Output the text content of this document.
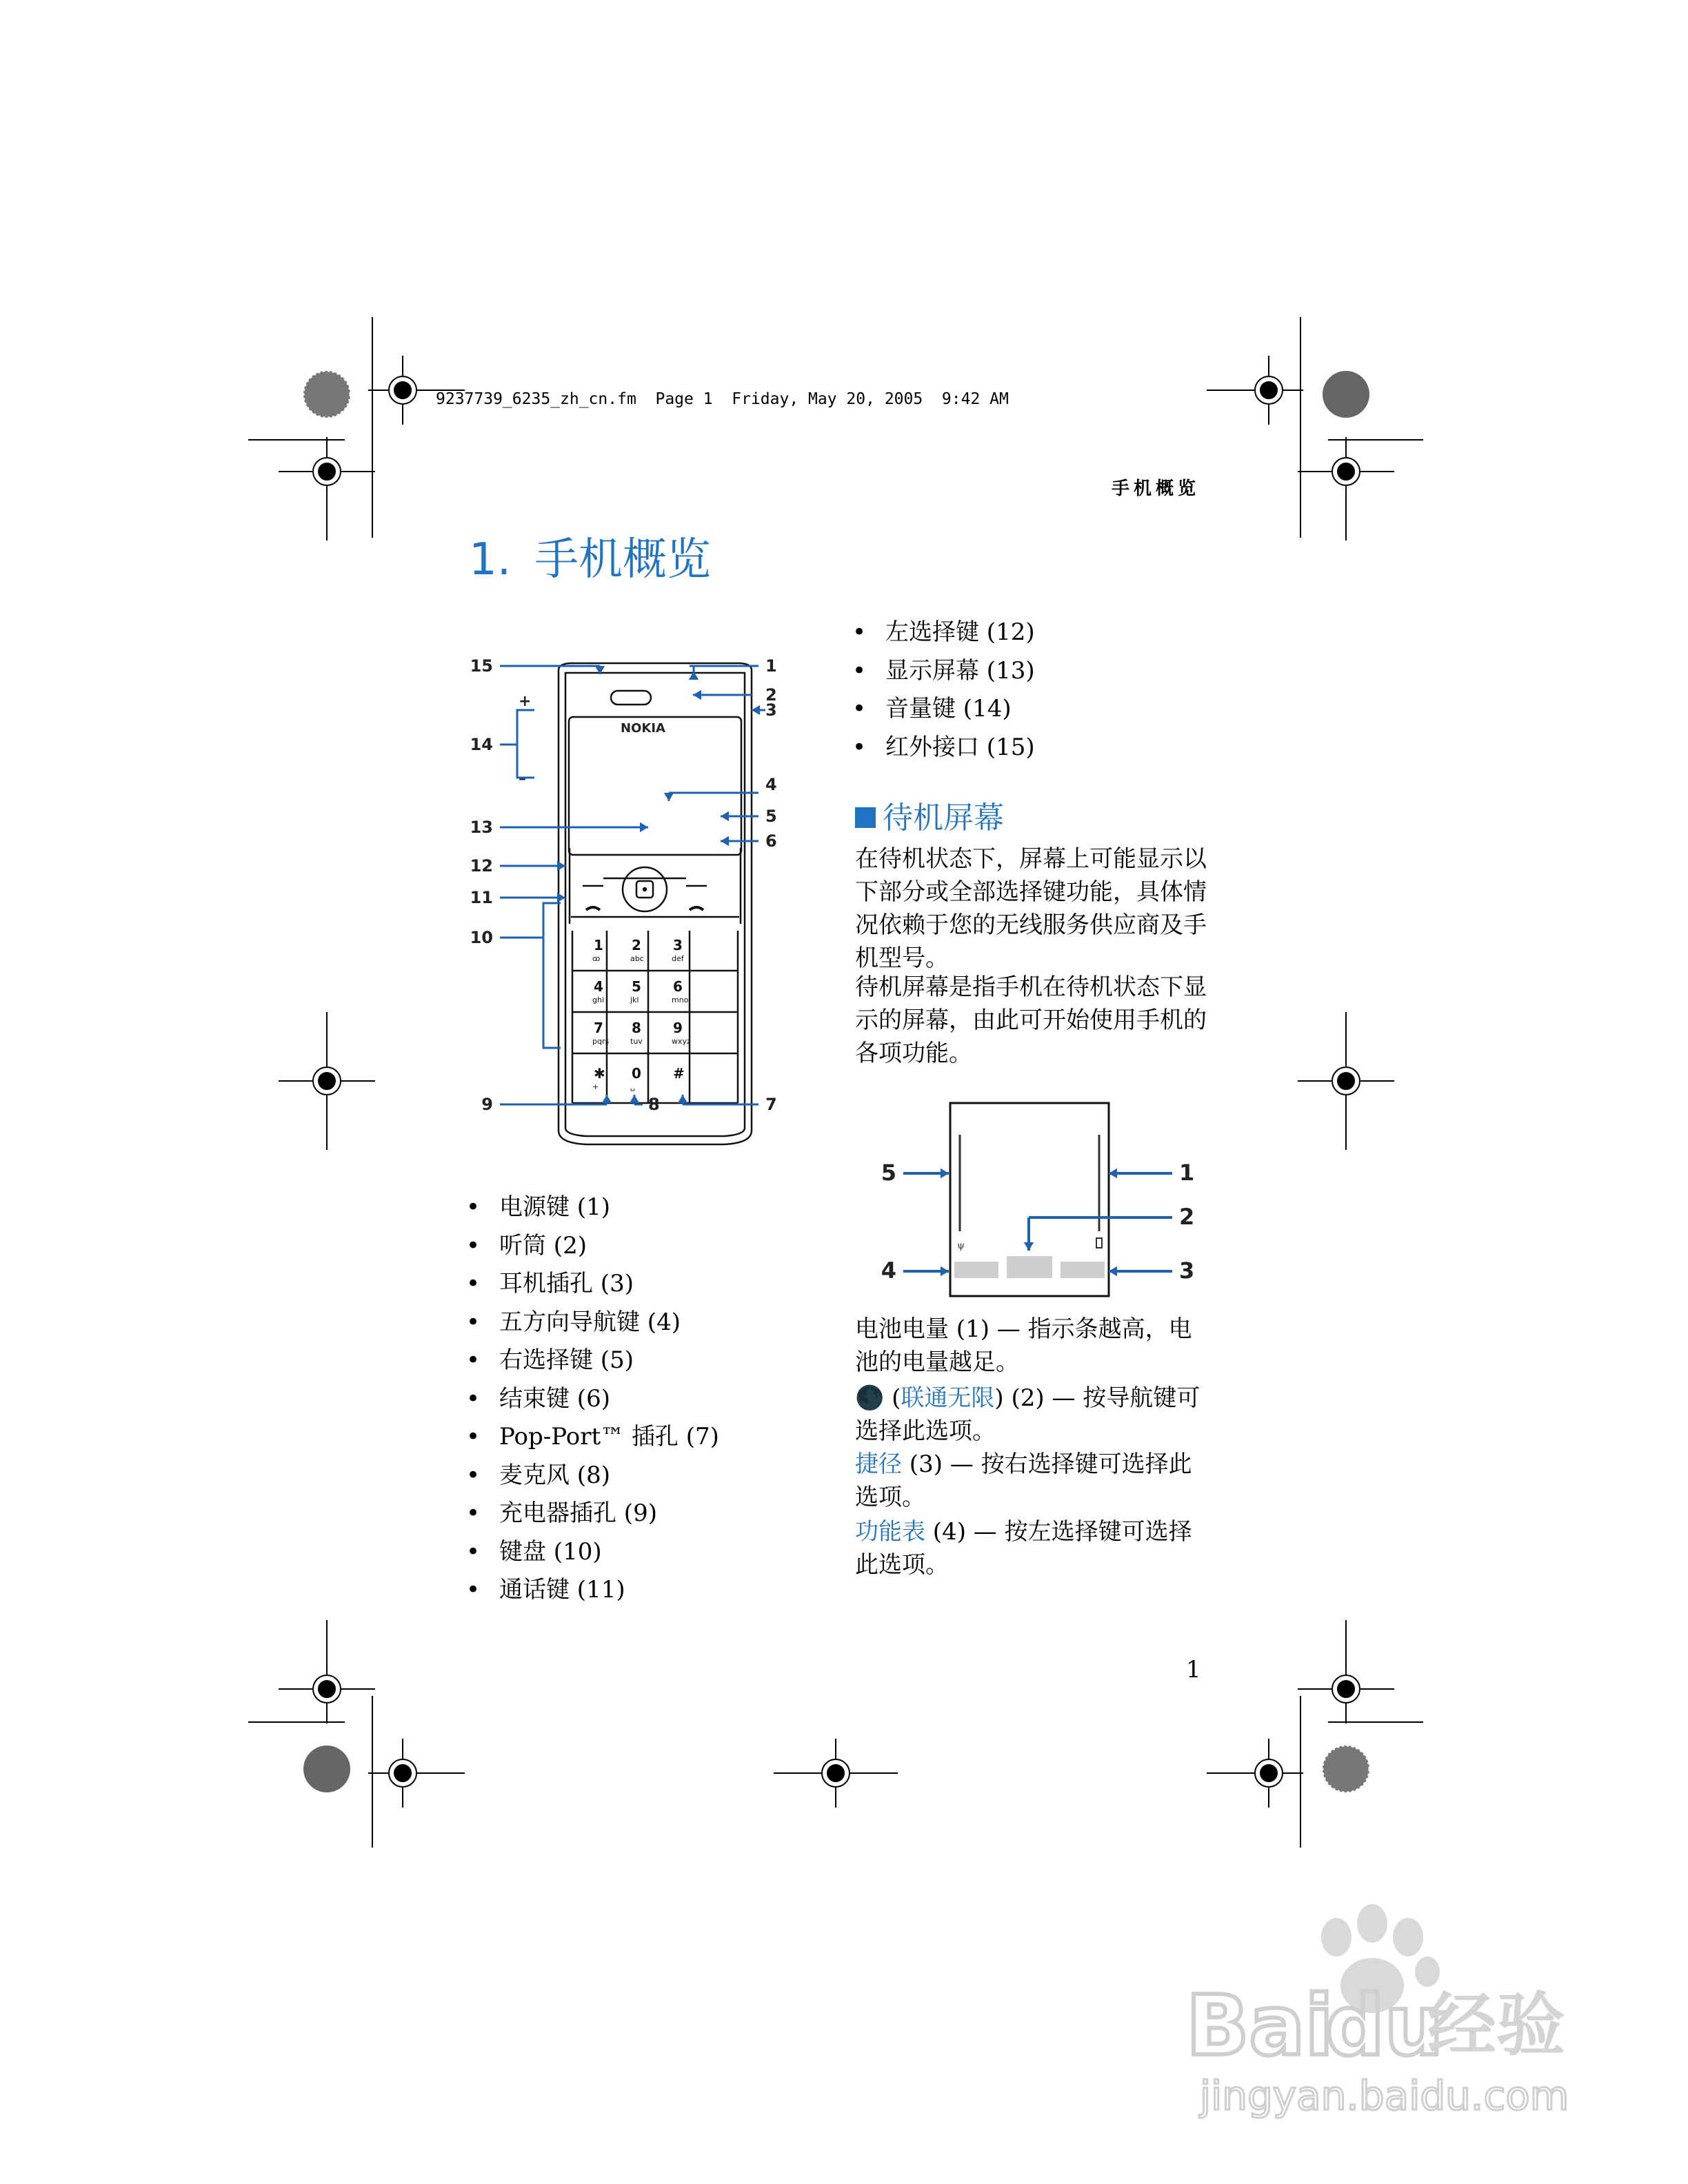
9237739_6235_zh_cn.fm  Page 1  Friday, May 20, 2005  9:42 AM
手机概览
1. 手机概览
NOKIA
+
–
1
ꝏ
2
abc
3
def
4
ghi
5
jkl
6
mno
7
pqrs
8
tuv
9
wxyz
✱
+
0
␣
#
1
2
3
4
5
6
7
8
9
10
11
12
13
14
15
• 电源键 (1)
• 听筒 (2)
• 耳机插孔 (3)
• 五方向导航键 (4)
• 右选择键 (5)
• 结束键 (6)
• Pop-Port™ 插孔 (7)
• 麦克风 (8)
• 充电器插孔 (9)
• 键盘 (10)
• 通话键 (11)
• 左选择键 (12)
• 显示屏幕 (13)
• 音量键 (14)
• 红外接口 (15)
待机屏幕
在待机状态下，屏幕上可能显示以下部分或全部选择键功能，具体情况依赖于您的无线服务供应商及手机型号。
待机屏幕是指手机在待机状态下显示的屏幕，由此可开始使用手机的各项功能。
ψ
1
2
3
4
5
电池电量 (1) — 指示条越高，电池的电量越足。
🌑 (联通无限) (2) — 按导航键可选择此选项。
捷径 (3) — 按右选择键可选择此选项。
功能表 (4) — 按左选择键可选择此选项。
1
Bai
du
经验
jingyan.baidu.com
